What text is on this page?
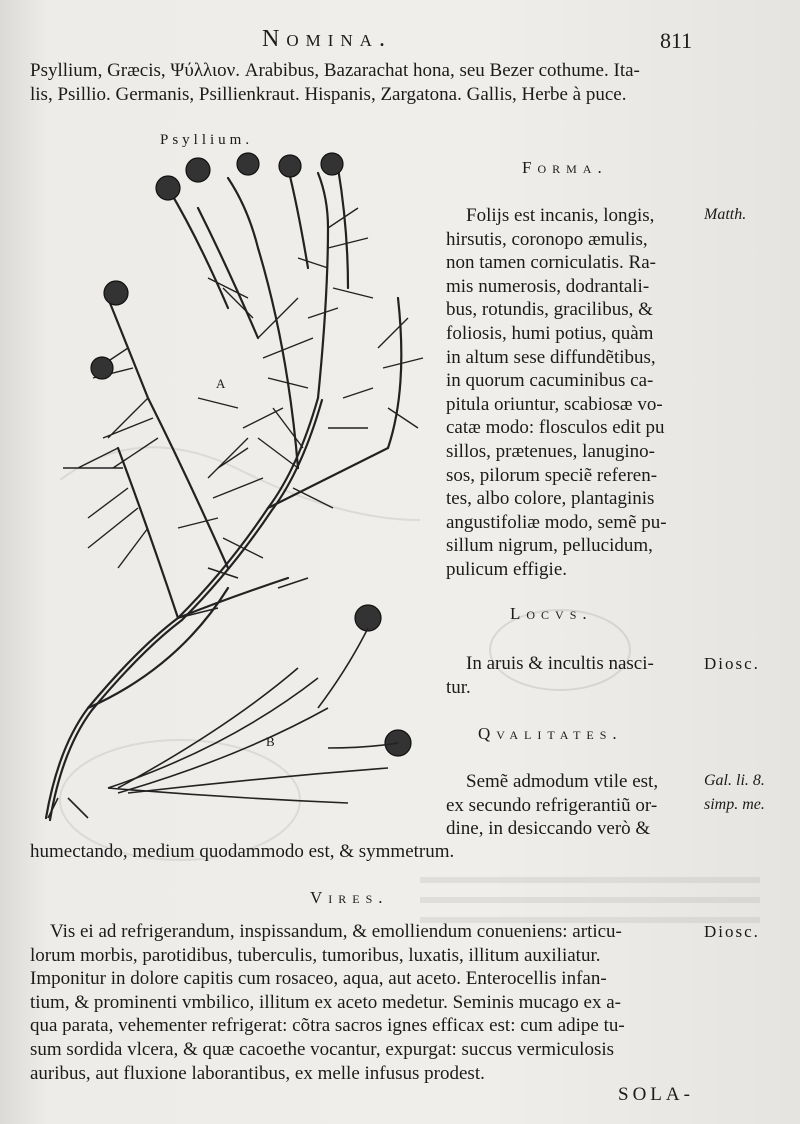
Nomina.	811
Psyllium, Græcis, Ψύλλιον. Arabibus, Bazarachat hona, seu Bezer cothume. Ita-
lis, Psillio. Germanis, Psillienkraut. Hispanis, Zargatona. Gallis, Herbe à puce.
Psyllium.
A
B
Forma.
Folijs est incanis, longis,
hirsutis, coronopo æmulis,
non tamen corniculatis. Ra-
mis numerosis, dodrantali-
bus, rotundis, gracilibus, &
foliosis, humi potius, quàm
in altum sese diffundẽtibus,
in quorum cacuminibus ca-
pitula oriuntur, scabiosæ vo-
catæ modo: flosculos edit pu
sillos, prætenues, lanugino-
sos, pilorum speciẽ referen-
tes, albo colore, plantaginis
angustifoliæ modo, semẽ pu-
sillum nigrum, pellucidum,
pulicum effigie.
Matth.
Locvs.
In aruis & incultis nasci-
tur.
Diosc.
Qvalitates.
Semẽ admodum vtile est,
ex secundo refrigerantiũ or-
dine, in desiccando verò &
Gal. li. 8.
simp. me.
humectando, medium quodammodo est, & symmetrum.
Vires.
Vis ei ad refrigerandum, inspissandum, & emolliendum conueniens: articu-
lorum morbis, parotidibus, tuberculis, tumoribus, luxatis, illitum auxiliatur.
Imponitur in dolore capitis cum rosaceo, aqua, aut aceto. Enterocellis infan-
tium, & prominenti vmbilico, illitum ex aceto medetur. Seminis mucago ex a-
qua parata, vehementer refrigerat: cõtra sacros ignes efficax est: cum adipe tu-
sum sordida vlcera, & quæ cacoethe vocantur, expurgat: succus vermiculosis
auribus, aut fluxione laborantibus, ex melle infusus prodest.
Diosc.
SOLA-
